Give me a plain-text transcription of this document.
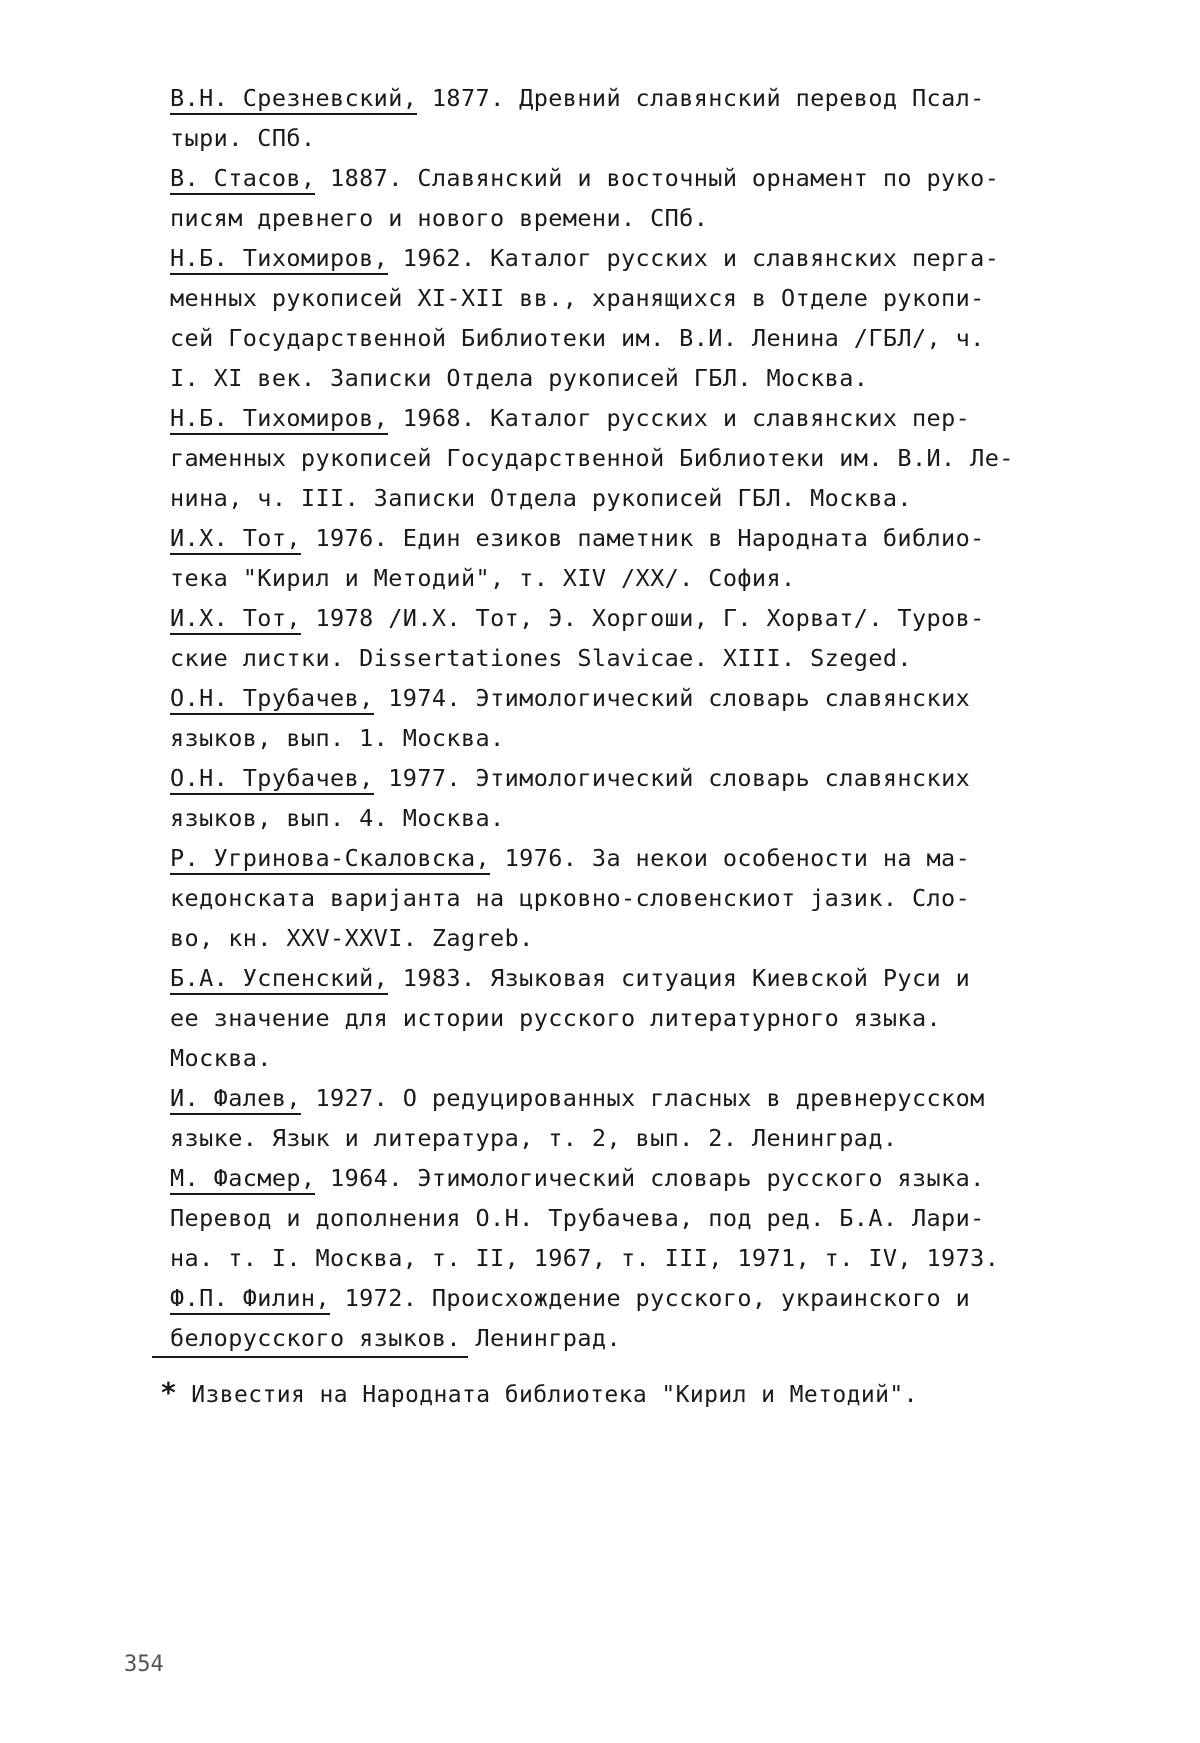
В.Н. Срезневский, 1877. Древний славянский перевод Псал-
тыри. СПб.
В. Стасов, 1887. Славянский и восточный орнамент по руко-
писям древнего и нового времени. СПб.
Н.Б. Тихомиров, 1962. Каталог русских и славянских перга-
менных рукописей XI-XII вв., хранящихся в Отделе рукопи-
сей Государственной Библиотеки им. В.И. Ленина /ГБЛ/, ч.
I. XI век. Записки Отдела рукописей ГБЛ. Москва.
Н.Б. Тихомиров, 1968. Каталог русских и славянских пер-
гаменных рукописей Государственной Библиотеки им. В.И. Ле-
нина, ч. III. Записки Отдела рукописей ГБЛ. Москва.
И.Х. Тот, 1976. Един езиков паметник в Народната библио-
тека "Кирил и Методий", т. XIV /XX/. София.
И.Х. Тот, 1978 /И.Х. Тот, Э. Хоргоши, Г. Хорват/. Туров-
ские листки. Dissertationes Slavicae. XIII. Szeged.
О.Н. Трубачев, 1974. Этимологический словарь славянских
языков, вып. 1. Москва.
О.Н. Трубачев, 1977. Этимологический словарь славянских
языков, вып. 4. Москва.
Р. Угринова-Скаловска, 1976. За некои особености на ма-
кедонската варијанта на црковно-словенскиот јазик. Сло-
во, кн. XXV-XXVI. Zagreb.
Б.А. Успенский, 1983. Языковая ситуация Киевской Руси и
ее значение для истории русского литературного языка.
Москва.
И. Фалев, 1927. О редуцированных гласных в древнерусском
языке. Язык и литература, т. 2, вып. 2. Ленинград.
М. Фасмер, 1964. Этимологический словарь русского языка.
Перевод и дополнения О.Н. Трубачева, под ред. Б.А. Лари-
на. т. I. Москва, т. II, 1967, т. III, 1971, т. IV, 1973.
Ф.П. Филин, 1972. Происхождение русского, украинского и
белорусского языков. Ленинград.
* Известия на Народната библиотека "Кирил и Методий".
354
